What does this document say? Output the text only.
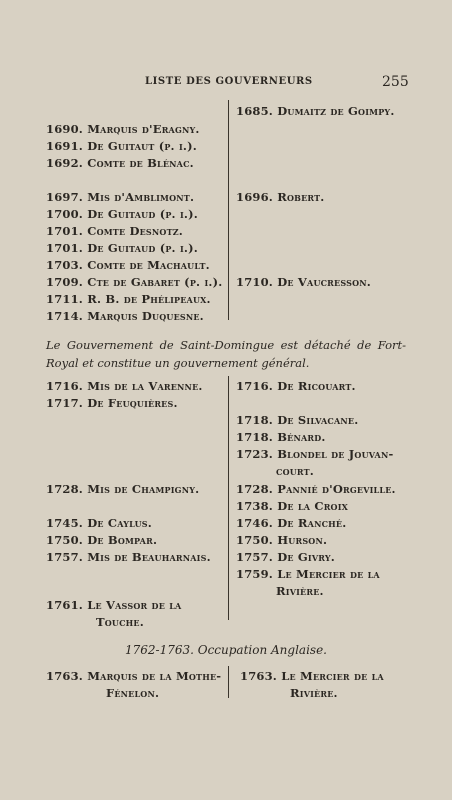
LISTE DES GOUVERNEURS	255
1690. Marquis d'Eragny.
1691. De Guitaut (p. i.).
1692. Comte de Blénac.
1697. Mis d'Amblimont.
1700. De Guitaud (p. i.).
1701. Comte Desnotz.
1701. De Guitaud (p. i.).
1703. Comte de Machault.
1709. Cte de Gabaret (p. i.).
1711. R. B. de Phélipeaux.
1714. Marquis Duquesne.
1685. Dumaitz de Goimpy.
1696. Robert.
1710. De Vaucresson.
Le Gouvernement de Saint-Domingue est détaché de Fort-Royal et constitue un gouvernement général.
1716. Mis de la Varenne.
1717. De Feuquières.
1728. Mis de Champigny.
1745. De Caylus.
1750. De Bompar.
1757. Mis de Beauharnais.
1761. Le Vassor de la
Touche.
1716. De Ricouart.
1718. De Silvacane.
1718. Bénard.
1723. Blondel de Jouvan-
court.
1728. Pannié d'Orgeville.
1738. De la Croix
1746. De Ranché.
1750. Hurson.
1757. De Givry.
1759. Le Mercier de la
Rivière.
1762-1763. Occupation Anglaise.
1763. Marquis de la Mothe-
Fénelon.
1763. Le Mercier de la
Rivière.
